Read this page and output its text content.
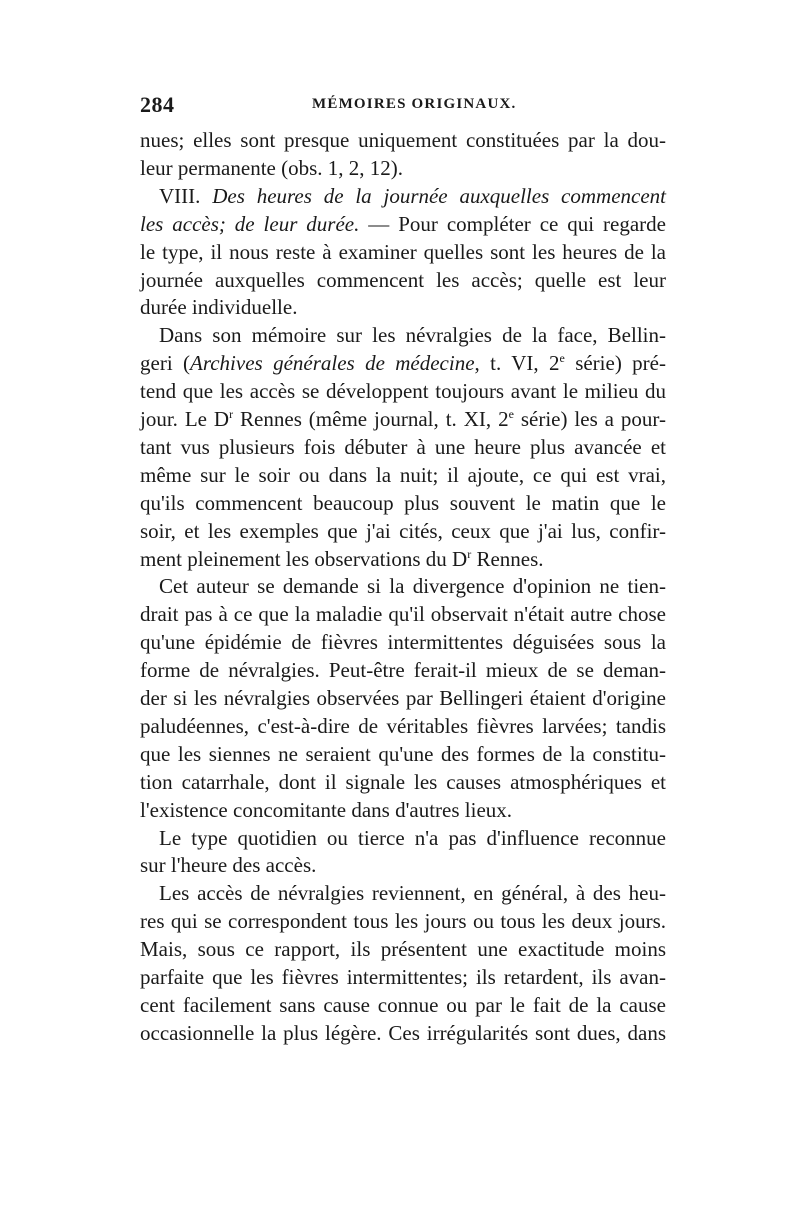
284	MÉMOIRES ORIGINAUX.
nues; elles sont presque uniquement constituées par la dou-
leur permanente (obs. 1, 2, 12).
VIII. Des heures de la journée auxquelles commencent
les accès; de leur durée. — Pour compléter ce qui regarde
le type, il nous reste à examiner quelles sont les heures de la
journée auxquelles commencent les accès; quelle est leur
durée individuelle.
Dans son mémoire sur les névralgies de la face, Bellin-
geri (Archives générales de médecine, t. VI, 2e série) pré-
tend que les accès se développent toujours avant le milieu du
jour. Le $D^r$ Rennes (même journal, t. XI, 2e série) les a pour-
tant vus plusieurs fois débuter à une heure plus avancée et
même sur le soir ou dans la nuit; il ajoute, ce qui est vrai,
qu'ils commencent beaucoup plus souvent le matin que le
soir, et les exemples que j'ai cités, ceux que j'ai lus, confir-
ment pleinement les observations du $D^r$ Rennes.
Cet auteur se demande si la divergence d'opinion ne tien-
drait pas à ce que la maladie qu'il observait n'était autre chose
qu'une épidémie de fièvres intermittentes déguisées sous la
forme de névralgies. Peut-être ferait-il mieux de se deman-
der si les névralgies observées par Bellingeri étaient d'origine
paludéennes, c'est-à-dire de véritables fièvres larvées; tandis
que les siennes ne seraient qu'une des formes de la constitu-
tion catarrhale, dont il signale les causes atmosphériques et
l'existence concomitante dans d'autres lieux.
Le type quotidien ou tierce n'a pas d'influence reconnue
sur l'heure des accès.
Les accès de névralgies reviennent, en général, à des heu-
res qui se correspondent tous les jours ou tous les deux jours.
Mais, sous ce rapport, ils présentent une exactitude moins
parfaite que les fièvres intermittentes; ils retardent, ils avan-
cent facilement sans cause connue ou par le fait de la cause
occasionnelle la plus légère. Ces irrégularités sont dues, dans
